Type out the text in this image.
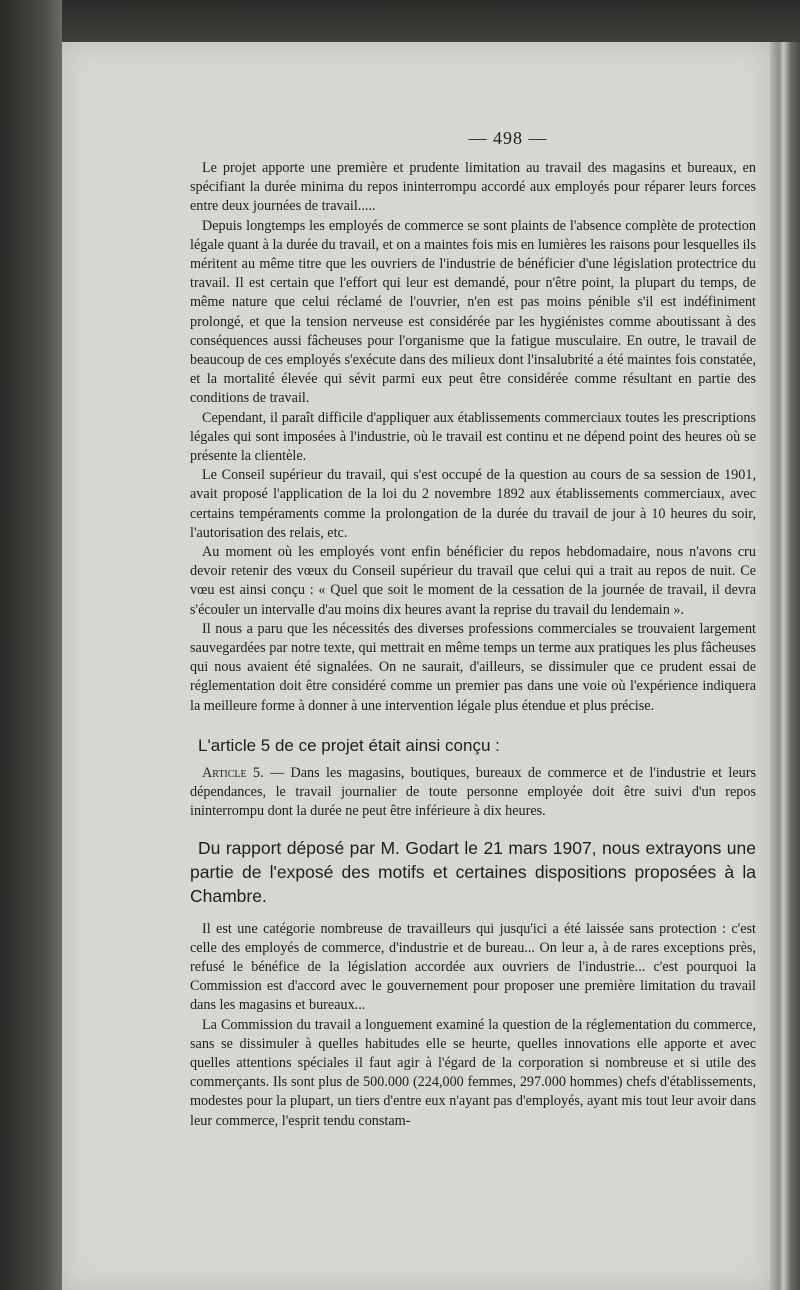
— 498 —

Le projet apporte une première et prudente limitation au travail des magasins et bureaux, en spécifiant la durée minima du repos ininterrompu accordé aux employés pour réparer leurs forces entre deux journées de travail.....

Depuis longtemps les employés de commerce se sont plaints de l'absence complète de protection légale quant à la durée du travail, et on a maintes fois mis en lumières les raisons pour lesquelles ils méritent au même titre que les ouvriers de l'industrie de bénéficier d'une législation protectrice du travail. Il est certain que l'effort qui leur est demandé, pour n'être point, la plupart du temps, de même nature que celui réclamé de l'ouvrier, n'en est pas moins pénible s'il est indéfiniment prolongé, et que la tension nerveuse est considérée par les hygiénistes comme aboutissant à des conséquences aussi fâcheuses pour l'organisme que la fatigue musculaire. En outre, le travail de beaucoup de ces employés s'exécute dans des milieux dont l'insalubrité a été maintes fois constatée, et la mortalité élevée qui sévit parmi eux peut être considérée comme résultant en partie des conditions de travail.

Cependant, il paraît difficile d'appliquer aux établissements commerciaux toutes les prescriptions légales qui sont imposées à l'industrie, où le travail est continu et ne dépend point des heures où se présente la clientèle.

Le Conseil supérieur du travail, qui s'est occupé de la question au cours de sa session de 1901, avait proposé l'application de la loi du 2 novembre 1892 aux établissements commerciaux, avec certains tempéraments comme la prolongation de la durée du travail de jour à 10 heures du soir, l'autorisation des relais, etc.

Au moment où les employés vont enfin bénéficier du repos hebdomadaire, nous n'avons cru devoir retenir des vœux du Conseil supérieur du travail que celui qui a trait au repos de nuit. Ce vœu est ainsi conçu : « Quel que soit le moment de la cessation de la journée de travail, il devra s'écouler un intervalle d'au moins dix heures avant la reprise du travail du lendemain ».

Il nous a paru que les nécessités des diverses professions commerciales se trouvaient largement sauvegardées par notre texte, qui mettrait en même temps un terme aux pratiques les plus fâcheuses qui nous avaient été signalées. On ne saurait, d'ailleurs, se dissimuler que ce prudent essai de réglementation doit être considéré comme un premier pas dans une voie où l'expérience indiquera la meilleure forme à donner à une intervention légale plus étendue et plus précise.

L'article 5 de ce projet était ainsi conçu :

Article 5. — Dans les magasins, boutiques, bureaux de commerce et de l'industrie et leurs dépendances, le travail journalier de toute personne employée doit être suivi d'un repos ininterrompu dont la durée ne peut être inférieure à dix heures.

Du rapport déposé par M. Godart le 21 mars 1907, nous extrayons une partie de l'exposé des motifs et certaines dispositions proposées à la Chambre.

Il est une catégorie nombreuse de travailleurs qui jusqu'ici a été laissée sans protection : c'est celle des employés de commerce, d'industrie et de bureau... On leur a, à de rares exceptions près, refusé le bénéfice de la législation accordée aux ouvriers de l'industrie... c'est pourquoi la Commission est d'accord avec le gouvernement pour proposer une première limitation du travail dans les magasins et bureaux...

La Commission du travail a longuement examiné la question de la réglementation du commerce, sans se dissimuler à quelles habitudes elle se heurte, quelles innovations elle apporte et avec quelles attentions spéciales il faut agir à l'égard de la corporation si nombreuse et si utile des commerçants. Ils sont plus de 500.000 (224,000 femmes, 297.000 hommes) chefs d'établissements, modestes pour la plupart, un tiers d'entre eux n'ayant pas d'employés, ayant mis tout leur avoir dans leur commerce, l'esprit tendu constam-
